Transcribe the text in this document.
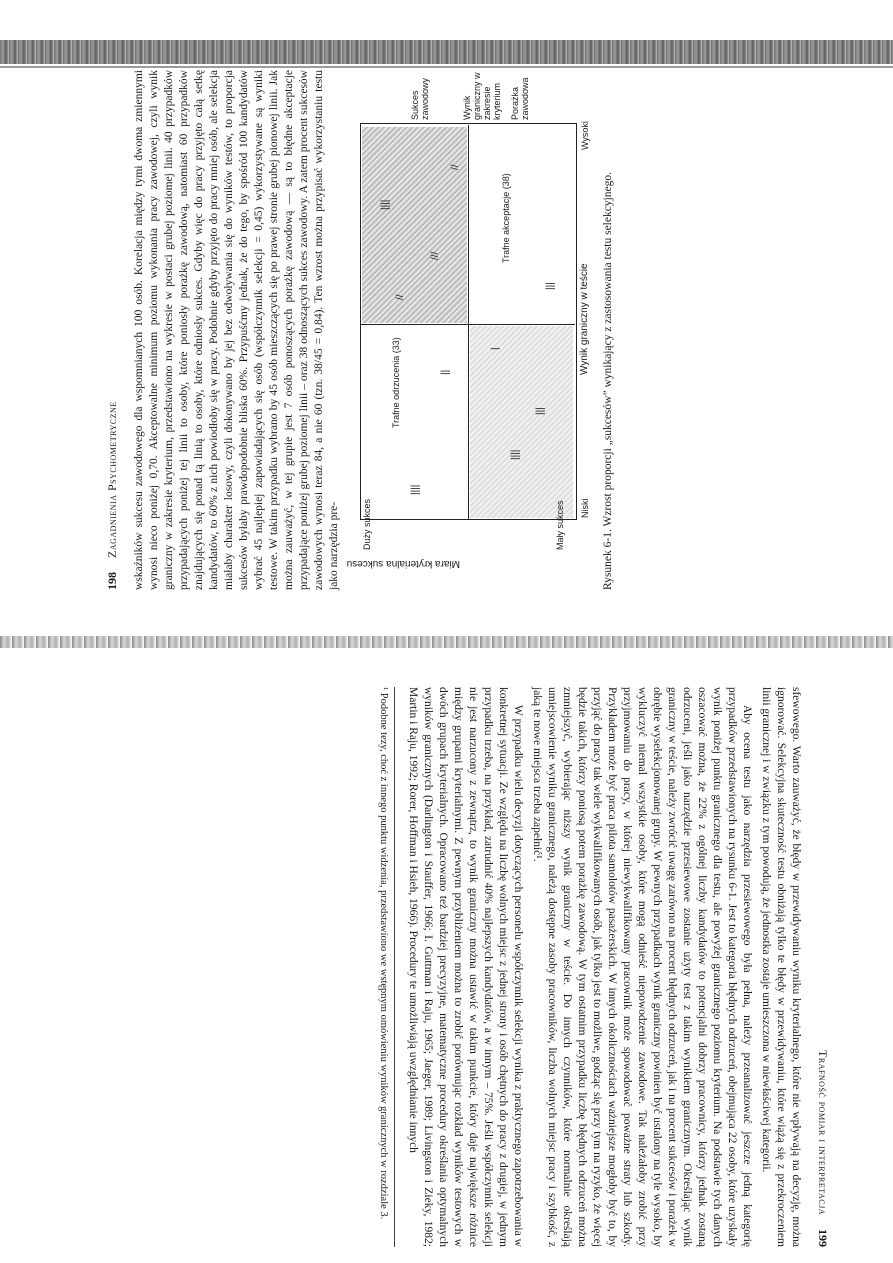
198
Zagadnienia Psychometryczne wskaźników sukcesu zawodowego dla wspomnianych 100 osób. Korelacja między tymi dwoma zmiennymi wynosi nieco poniżej 0,70. Akceptowalne minimum poziomu wykonania pracy zawodowej, czyli wynik graniczny w zakresie kryterium, przedstawiono na wykresie w postaci grubej poziomej linii. 40 przypadków przypadających poniżej tej linii to osoby, które poniosły porażkę zawodową, natomiast 60 przypadków znajdujących się ponad tą linią to osoby, które odniosły sukces. Gdyby więc do pracy przyjęto całą setkę kandydatów, to 60% z nich powiodłoby się w pracy. Podobnie gdyby przyjęto do pracy mniej osób, ale selekcja miałaby charakter losowy, czyli dokonywano by jej bez odwoływania się do wyników testów, to proporcja sukcesów byłaby prawdopodobnie bliska 60%. Przypuśćmy jednak, że do tego, by spośród 100 kandydatów wybrać 45 najlepiej zapowiadających się osób (współczynnik selekcji = 0,45) wykorzystywane są wyniki testowe. W takim przypadku wybrano by 45 osób mieszczących się po prawej stronie grubej pionowej linii. Jak można zauważyć, w tej grupie jest 7 osób ponoszących porażkę zawodową — są to błędne akceptacje przypadające poniżej grubej poziomej linii – oraz 38 odnoszących sukces zawodowy. A zatem procent sukcesów zawodowych wynosi teraz 84, a nie 60 (tzn. 38/45 = 0,84). Ten wzrost można przypisać wykorzystaniu testu jako narzędzia pre- Miara kryterialna sukcesu
Duży sukces	Mały sukces
Wynik graniczny w teście
Niski
Wysoki
Trafne odrzucenia (33)
Trafne akceptacje (38)
Sukces zawodowy	Wynik graniczny w zakresie kryterium Porażka zawodowa
||||
||||
|||
||
|
//
///
||||
|||
//

Rysunek 6-1. Wzrost proporcji „sukcesów” wynikający z zastosowania testu selekcyjnego.

Trafność pomiar i interpretacja
199

sfewowego. Warto zauważyć, że błędy w przewidywaniu wyniku kryterialnego, które nie wpływają na decyzję, można ignorować. Selekcyjna skuteczność testu obniżają tylko te błędy w przewidywaniu, które wiążą się z przekroczeniem linii granicznej i w związku z tym powodują, że jednostka zostaje umieszczona w niewłaściwej kategorii.

Aby ocena testu jako narzędzia przesiewowego była pełna, należy przeanalizować jeszcze jedną kategorię przypadków przedstawionych na rysunku 6-1. Jest to kategoria błędnych odrzuceń, obejmująca 22 osoby, które uzyskały wynik poniżej punktu granicznego dla testu, ale powyżej granicznego poziomu kryterium. Na podstawie tych danych oszacować można, że 22% z ogólnej liczby kandydatów to potencjalni dobrzy pracownicy, którzy jednak zostaną odrzuceni, jeśli jako narzędzie przesiewowe zostanie użyty test z takim wynikiem granicznym. Określając wynik graniczny w teście, należy zwrócić uwagę zarówno na procent błędnych odrzuceń, jak i na procent sukcesów i porażek w obrębie wyselekcjonowanej grupy. W pewnych przypadkach wynik graniczny powinien być ustalony na tyle wysoko, by wykluczyć niemal wszystkie osoby, które mogą odnieść niepowodzenie zawodowe. Tak należałoby zrobić przy przyjmowaniu do pracy, w której niewykwalifikowany pracownik może spowodować poważne straty lub szkody. Przykładem może być praca pilota samolotów pasażerskich. W innych okolicznościach ważniejsze mogłoby być to, by przyjąć do pracy tak wiele wykwalifikowanych osób, jak tylko jest to możliwe, godząc się przy tym na ryzyko, że więcej będzie takich, którzy poniosą potem porażkę zawodową. W tym ostatnim przypadku liczbę błędnych odrzuceń można zmniejszyć, wybierając niższy wynik graniczny w teście. Do innych czynników, które normalnie określają umiejscowienie wyniku granicznego, należą dostępne zasoby pracowników, liczba wolnych miejsc pracy i szybkość, z jaką te nowe miejsca trzeba zapełnić¹.

W przypadku wielu decyzji dotyczących personelu współczynnik selekcji wynika z praktycznego zapotrzebowania w konkretnej sytuacji. Ze względu na liczbę wolnych miejsc z jednej strony i osób chętnych do pracy z drugiej, w jednym przypadku trzeba, na przykład, zatrudnić 40% najlepszych kandydatów, a w innym – 75%. Jeśli współczynnik selekcji nie jest narzucony z zewnątrz, to wynik graniczny można ustawić w takim punkcie, który daje największe różnice między grupami kryterialnymi. Z pewnym przybliżeniem można to zrobić porównując rozkład wyników testowych w dwóch grupach kryterialnych. Opracowano też bardziej precyzyjne, matematyczne procedury określania optymalnych wyników granicznych (Darlington i Stauffer, 1966; I. Guttman i Raju, 1965; Jaeger, 1989; Livingston i Zieky, 1982; Martin i Raju, 1992; Rorer, Hoffman i Hsieh, 1966). Procedury te umożliwiają uwzględnianie innych

¹ Podobne tezy, choć z innego punktu widzenia, przedstawiono we wstępnym omówieniu wyników granicznych w rozdziale 3.
